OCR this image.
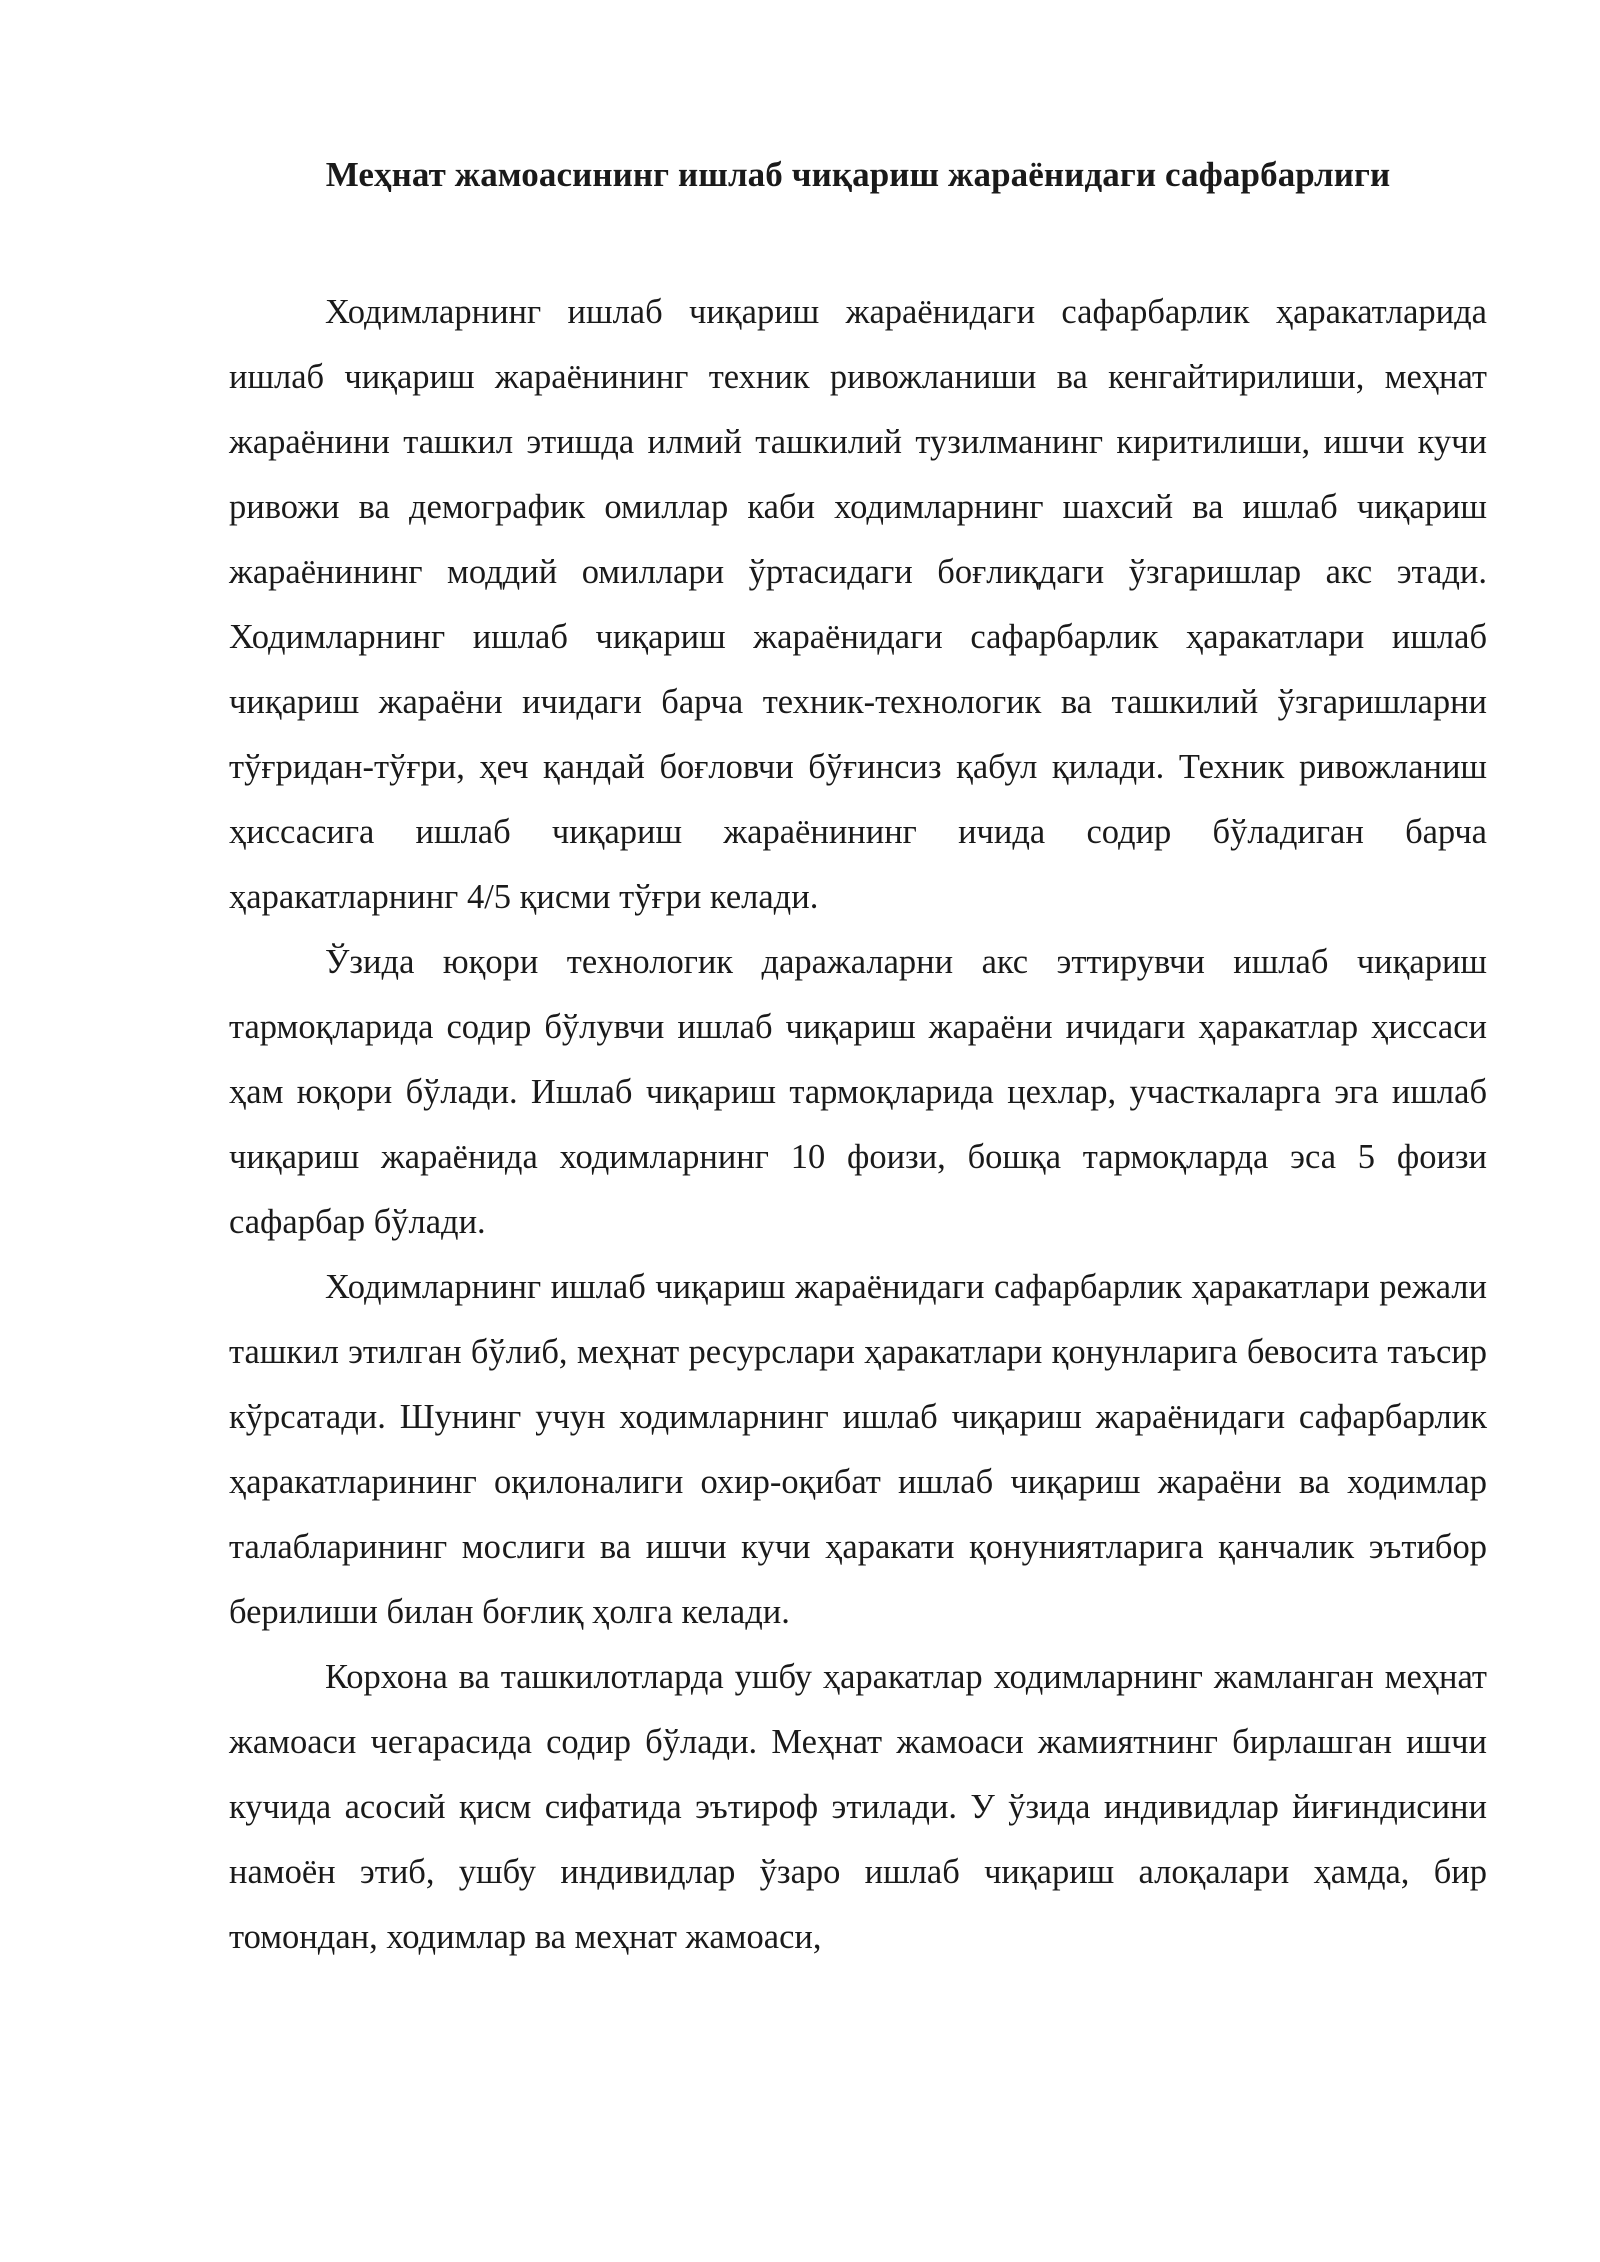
Меҳнат жамоасининг ишлаб чиқариш жараёнидаги сафарбарлиги

Ходимларнинг ишлаб чиқариш жараёнидаги сафарбарлик ҳаракатларида ишлаб чиқариш жараёнининг техник ривожланиши ва кенгайтирилиши, меҳнат жараёнини ташкил этишда илмий ташкилий тузилманинг киритилиши, ишчи кучи ривожи ва демографик омиллар каби ходимларнинг шахсий ва ишлаб чиқариш жараёнининг моддий омиллари ўртасидаги боғлиқдаги ўзгаришлар акс этади. Ходимларнинг ишлаб чиқариш жараёнидаги сафарбарлик ҳаракатлари ишлаб чиқариш жараёни ичидаги барча техник-технологик ва ташкилий ўзгаришларни тўғридан-тўғри, ҳеч қандай боғловчи бўғинсиз қабул қилади. Техник ривожланиш ҳиссасига ишлаб чиқариш жараёнининг ичида содир бўладиган барча ҳаракатларнинг 4/5 қисми тўғри келади.

Ўзида юқори технологик даражаларни акс эттирувчи ишлаб чиқариш тармоқларида содир бўлувчи ишлаб чиқариш жараёни ичидаги ҳаракатлар ҳиссаси ҳам юқори бўлади. Ишлаб чиқариш тармоқларида цехлар, участкаларга эга ишлаб чиқариш жараёнида ходимларнинг 10 фоизи, бошқа тармоқларда эса 5 фоизи сафарбар бўлади.

Ходимларнинг ишлаб чиқариш жараёнидаги сафарбарлик ҳаракатлари режали ташкил этилган бўлиб, меҳнат ресурслари ҳаракатлари қонунларига бевосита таъсир кўрсатади. Шунинг учун ходимларнинг ишлаб чиқариш жараёнидаги сафарбарлик ҳаракатларининг оқилоналиги охир-оқибат ишлаб чиқариш жараёни ва ходимлар талабларининг мослиги ва ишчи кучи ҳаракати қонуниятларига қанчалик эътибор берилиши билан боғлиқ ҳолга келади.

Корхона ва ташкилотларда ушбу ҳаракатлар ходимларнинг жамланган меҳнат жамоаси чегарасида содир бўлади. Меҳнат жамоаси жамиятнинг бирлашган ишчи кучида асосий қисм сифатида эътироф этилади. У ўзида индивидлар йиғиндисини намоён этиб, ушбу индивидлар ўзаро ишлаб чиқариш алоқалари ҳамда, бир томондан, ходимлар ва меҳнат жамоаси,
